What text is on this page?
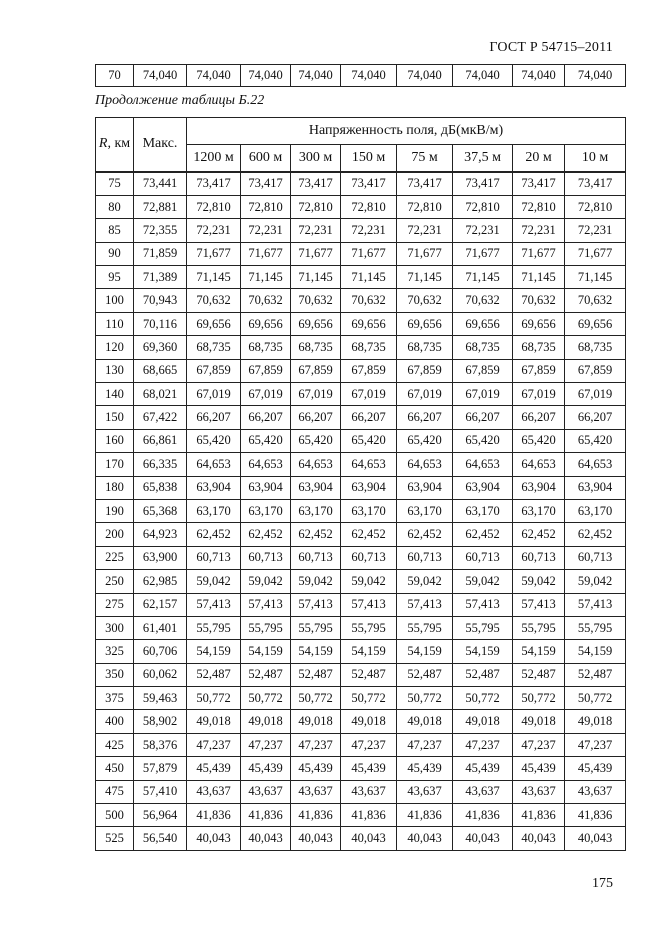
ГОСТ Р 54715–2011
70	74,040	74,040	74,040	74,040	74,040	74,040	74,040	74,040	74,040
Продолжение таблицы Б.22
R, км	Макс.	Напряженность поля, дБ(мкВ/м)							
		1200 м	600 м	300 м	150 м	75 м	37,5 м	20 м	10 м
75	73,441	73,417	73,417	73,417	73,417	73,417	73,417	73,417	73,417
80	72,881	72,810	72,810	72,810	72,810	72,810	72,810	72,810	72,810
85	72,355	72,231	72,231	72,231	72,231	72,231	72,231	72,231	72,231
90	71,859	71,677	71,677	71,677	71,677	71,677	71,677	71,677	71,677
95	71,389	71,145	71,145	71,145	71,145	71,145	71,145	71,145	71,145
100	70,943	70,632	70,632	70,632	70,632	70,632	70,632	70,632	70,632
110	70,116	69,656	69,656	69,656	69,656	69,656	69,656	69,656	69,656
120	69,360	68,735	68,735	68,735	68,735	68,735	68,735	68,735	68,735
130	68,665	67,859	67,859	67,859	67,859	67,859	67,859	67,859	67,859
140	68,021	67,019	67,019	67,019	67,019	67,019	67,019	67,019	67,019
150	67,422	66,207	66,207	66,207	66,207	66,207	66,207	66,207	66,207
160	66,861	65,420	65,420	65,420	65,420	65,420	65,420	65,420	65,420
170	66,335	64,653	64,653	64,653	64,653	64,653	64,653	64,653	64,653
180	65,838	63,904	63,904	63,904	63,904	63,904	63,904	63,904	63,904
190	65,368	63,170	63,170	63,170	63,170	63,170	63,170	63,170	63,170
200	64,923	62,452	62,452	62,452	62,452	62,452	62,452	62,452	62,452
225	63,900	60,713	60,713	60,713	60,713	60,713	60,713	60,713	60,713
250	62,985	59,042	59,042	59,042	59,042	59,042	59,042	59,042	59,042
275	62,157	57,413	57,413	57,413	57,413	57,413	57,413	57,413	57,413
300	61,401	55,795	55,795	55,795	55,795	55,795	55,795	55,795	55,795
325	60,706	54,159	54,159	54,159	54,159	54,159	54,159	54,159	54,159
350	60,062	52,487	52,487	52,487	52,487	52,487	52,487	52,487	52,487
375	59,463	50,772	50,772	50,772	50,772	50,772	50,772	50,772	50,772
400	58,902	49,018	49,018	49,018	49,018	49,018	49,018	49,018	49,018
425	58,376	47,237	47,237	47,237	47,237	47,237	47,237	47,237	47,237
450	57,879	45,439	45,439	45,439	45,439	45,439	45,439	45,439	45,439
475	57,410	43,637	43,637	43,637	43,637	43,637	43,637	43,637	43,637
500	56,964	41,836	41,836	41,836	41,836	41,836	41,836	41,836	41,836
525	56,540	40,043	40,043	40,043	40,043	40,043	40,043	40,043	40,043
175
